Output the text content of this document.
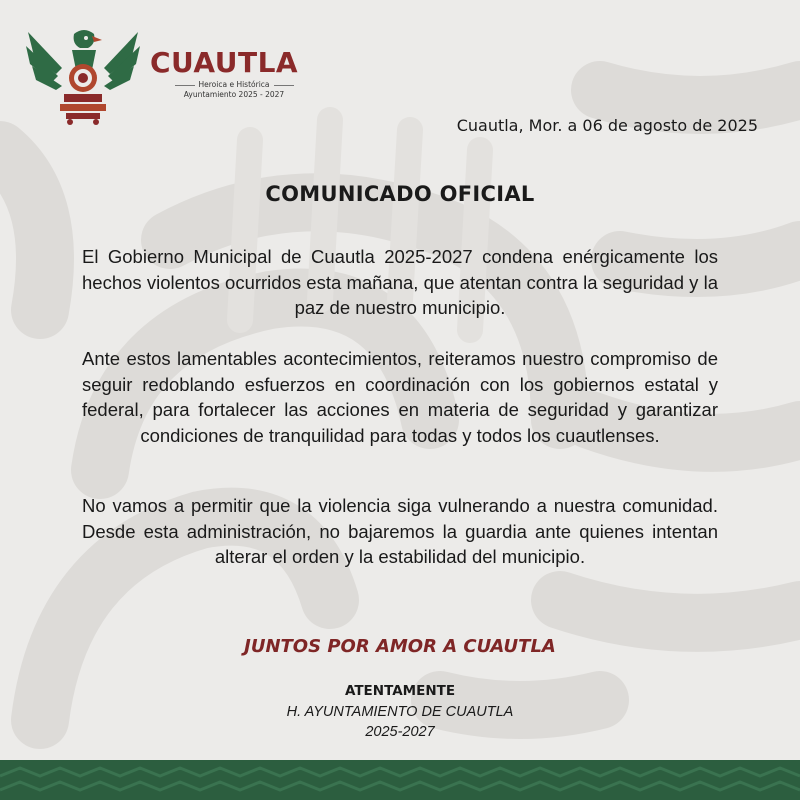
CUAUTLA
Heroica e Histórica
Ayuntamiento 2025 - 2027

Cuautla, Mor. a 06 de agosto de 2025

COMUNICADO OFICIAL

El Gobierno Municipal de Cuautla 2025-2027 condena enérgicamente los hechos violentos ocurridos esta mañana, que atentan contra la seguridad y la paz de nuestro municipio.

Ante estos lamentables acontecimientos, reiteramos nuestro compromiso de seguir redoblando esfuerzos en coordinación con los gobiernos estatal y federal, para fortalecer las acciones en materia de seguridad y garantizar condiciones de tranquilidad para todas y todos los cuautlenses.

No vamos a permitir que la violencia siga vulnerando a nuestra comunidad. Desde esta administración, no bajaremos la guardia ante quienes intentan alterar el orden y la estabilidad del municipio.

JUNTOS POR AMOR A CUAUTLA

ATENTAMENTE

H. AYUNTAMIENTO DE CUAUTLA

2025-2027
